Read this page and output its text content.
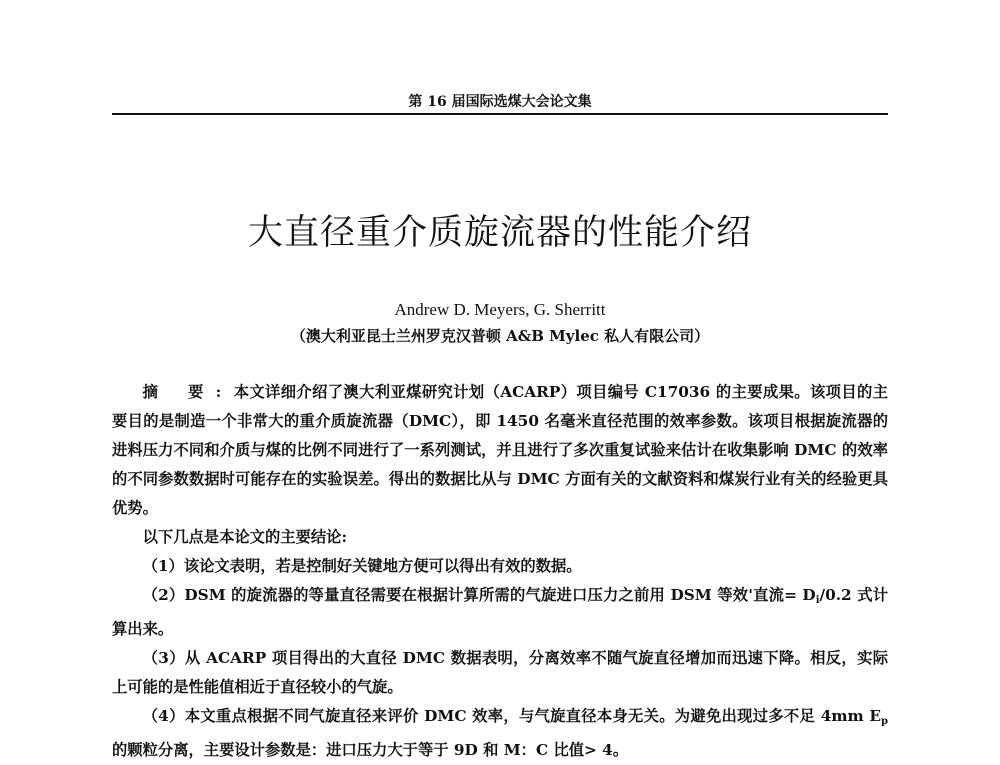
第 16 届国际选煤大会论文集
大直径重介质旋流器的性能介绍
Andrew D. Meyers, G. Sherritt
（澳大利亚昆士兰州罗克汉普顿 A&B Mylec 私人有限公司）

摘 要:本文详细介绍了澳大利亚煤研究计划（ACARP）项目编号 C17036 的主要成果。该项目的主要目的是制造一个非常大的重介质旋流器（DMC），即 1450 名毫米直径范围的效率参数。该项目根据旋流器的进料压力不同和介质与煤的比例不同进行了一系列测试，并且进行了多次重复试验来估计在收集影响 DMC 的效率的不同参数数据时可能存在的实验误差。得出的数据比从与 DMC 方面有关的文献资料和煤炭行业有关的经验更具优势。

以下几点是本论文的主要结论:

（1）该论文表明，若是控制好关键地方便可以得出有效的数据。

（2）DSM 的旋流器的等量直径需要在根据计算所需的气旋进口压力之前用 DSM 等效'直流= $D_i/0.2$ 式计算出来。

（3）从 ACARP 项目得出的大直径 DMC 数据表明，分离效率不随气旋直径增加而迅速下降。相反，实际上可能的是性能值相近于直径较小的气旋。

（4）本文重点根据不同气旋直径来评价 DMC 效率，与气旋直径本身无关。为避免出现过多不足 4mm $E_p$ 的颗粒分离，主要设计参数是：进口压力大于等于 9D 和 M：C 比值> 4。
